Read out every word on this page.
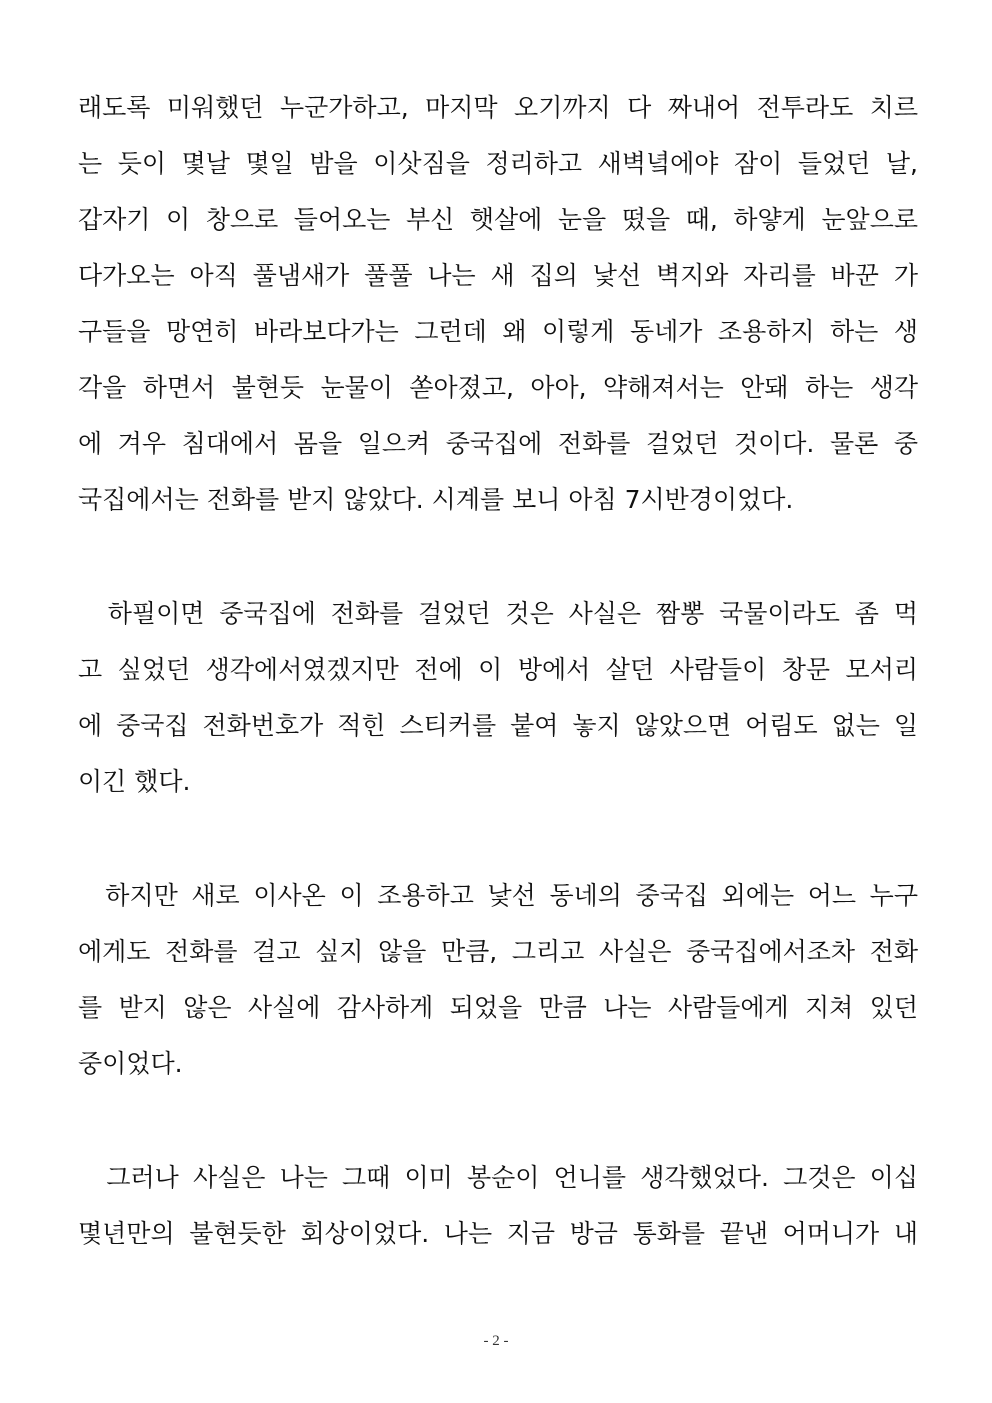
래도록 미워했던 누군가하고, 마지막 오기까지 다 짜내어 전투라도 치르
는 듯이 몇날 몇일 밤을 이삿짐을 정리하고 새벽녘에야 잠이 들었던 날,
갑자기 이 창으로 들어오는 부신 햇살에 눈을 떴을 때, 하얗게 눈앞으로
다가오는 아직 풀냄새가 풀풀 나는 새 집의 낯선 벽지와 자리를 바꾼 가
구들을 망연히 바라보다가는 그런데 왜 이렇게 동네가 조용하지 하는 생
각을 하면서 불현듯 눈물이 쏟아졌고, 아아, 약해져서는 안돼 하는 생각
에 겨우 침대에서 몸을 일으켜 중국집에 전화를 걸었던 것이다. 물론 중
국집에서는 전화를 받지 않았다. 시계를 보니 아침 7시반경이었다.
하필이면 중국집에 전화를 걸었던 것은 사실은 짬뽕 국물이라도 좀 먹
고 싶었던 생각에서였겠지만 전에 이 방에서 살던 사람들이 창문 모서리
에 중국집 전화번호가 적힌 스티커를 붙여 놓지 않았으면 어림도 없는 일
이긴 했다.
하지만 새로 이사온 이 조용하고 낯선 동네의 중국집 외에는 어느 누구
에게도 전화를 걸고 싶지 않을 만큼, 그리고 사실은 중국집에서조차 전화
를 받지 않은 사실에 감사하게 되었을 만큼 나는 사람들에게 지쳐 있던
중이었다.
그러나 사실은 나는 그때 이미 봉순이 언니를 생각했었다. 그것은 이십
몇년만의 불현듯한 회상이었다. 나는 지금 방금 통화를 끝낸 어머니가 내
- 2 -
